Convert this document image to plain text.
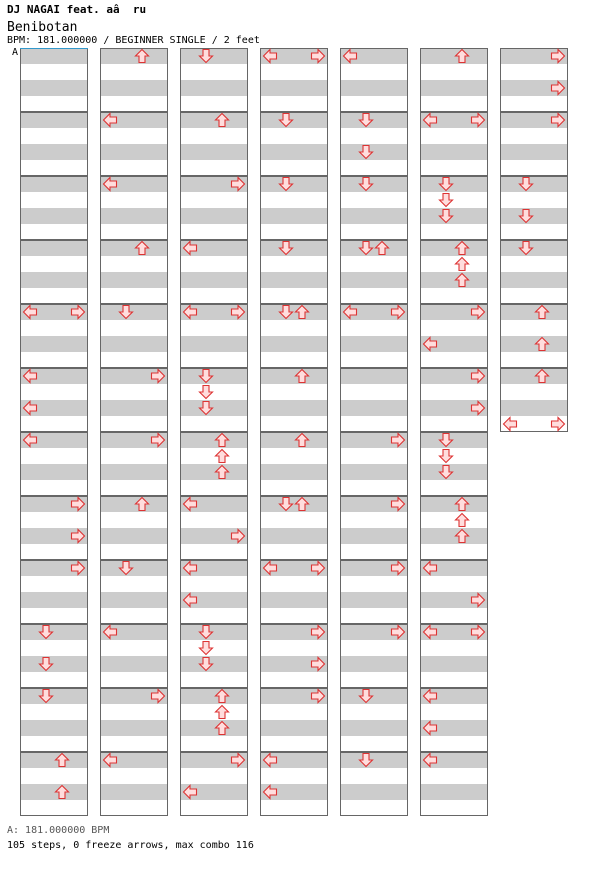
DJ NAGAI feat. aâ  ru
Benibotan
BPM: 181.000000 / BEGINNER SINGLE / 2 feet
A
A: 181.000000 BPM
105 steps, 0 freeze arrows, max combo 116
